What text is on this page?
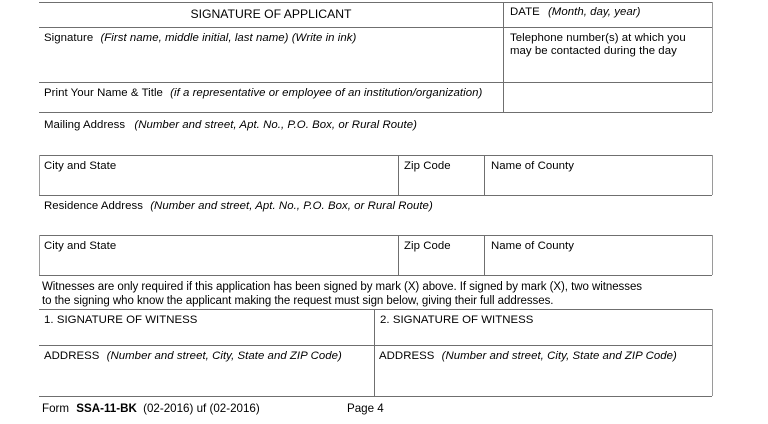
SIGNATURE OF APPLICANT	DATE (Month, day, year)
Signature (First name, middle initial, last name) (Write in ink)	Telephone number(s) at which you
may be contacted during the day
Print Your Name & Title (if a representative or employee of an institution/organization)
Mailing Address (Number and street, Apt. No., P.O. Box, or Rural Route)
City and State	Zip Code	Name of County
Residence Address (Number and street, Apt. No., P.O. Box, or Rural Route)
City and State	Zip Code	Name of County
Witnesses are only required if this application has been signed by mark (X) above. If signed by mark (X), two witnesses
to the signing who know the applicant making the request must sign below, giving their full addresses.
1. SIGNATURE OF WITNESS	2. SIGNATURE OF WITNESS
ADDRESS (Number and street, City, State and ZIP Code)	ADDRESS (Number and street, City, State and ZIP Code)
Form SSA-11-BK (02-2016) uf (02-2016)	Page 4
